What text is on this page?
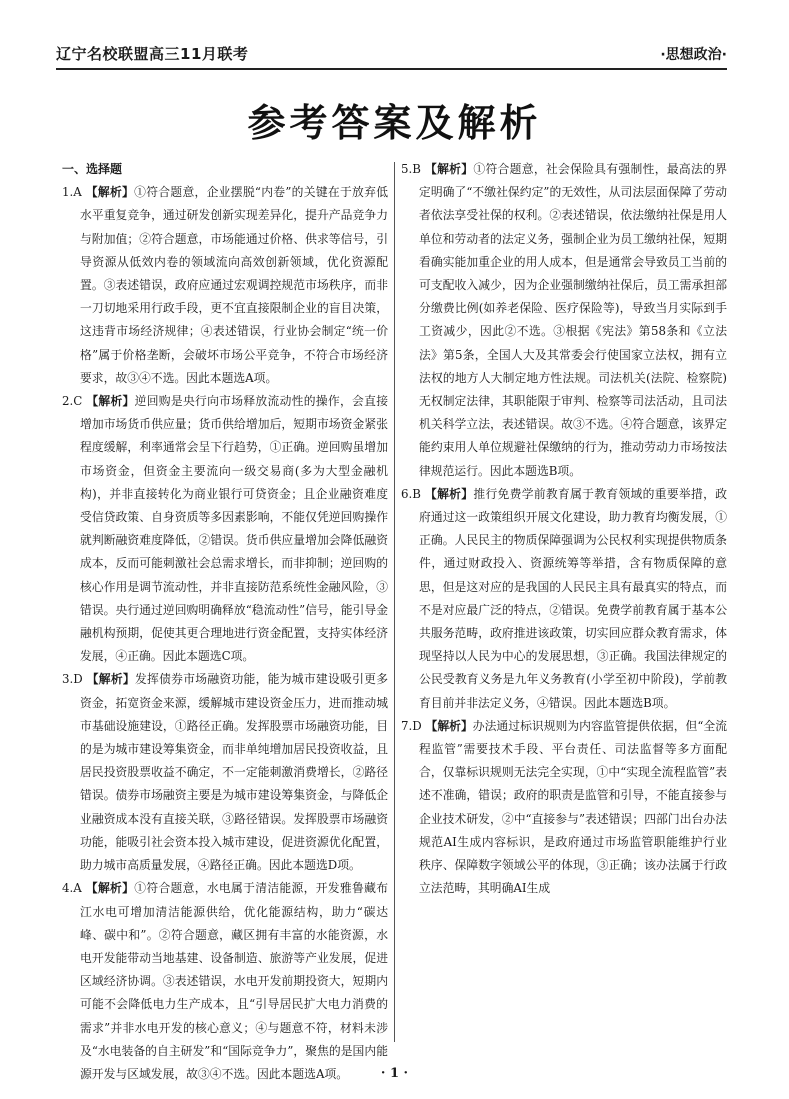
辽宁名校联盟高三11月联考	·思想政治·
参考答案及解析
一、选择题

1.A 【解析】①符合题意，企业摆脱“内卷”的关键在于放弃低水平重复竞争，通过研发创新实现差异化，提升产品竞争力与附加值；②符合题意，市场能通过价格、供求等信号，引导资源从低效内卷的领域流向高效创新领域，优化资源配置。③表述错误，政府应通过宏观调控规范市场秩序，而非一刀切地采用行政手段，更不宜直接限制企业的盲目决策，这违背市场经济规律；④表述错误，行业协会制定“统一价格”属于价格垄断，会破坏市场公平竞争，不符合市场经济要求，故③④不选。因此本题选A项。

2.C 【解析】逆回购是央行向市场释放流动性的操作，会直接增加市场货币供应量；货币供给增加后，短期市场资金紧张程度缓解，利率通常会呈下行趋势，①正确。逆回购虽增加市场资金，但资金主要流向一级交易商(多为大型金融机构)，并非直接转化为商业银行可贷资金；且企业融资难度受信贷政策、自身资质等多因素影响，不能仅凭逆回购操作就判断融资难度降低，②错误。货币供应量增加会降低融资成本，反而可能刺激社会总需求增长，而非抑制；逆回购的核心作用是调节流动性，并非直接防范系统性金融风险，③错误。央行通过逆回购明确释放“稳流动性”信号，能引导金融机构预期，促使其更合理地进行资金配置，支持实体经济发展，④正确。因此本题选C项。

3.D 【解析】发挥债券市场融资功能，能为城市建设吸引更多资金，拓宽资金来源，缓解城市建设资金压力，进而推动城市基础设施建设，①路径正确。发挥股票市场融资功能，目的是为城市建设筹集资金，而非单纯增加居民投资收益，且居民投资股票收益不确定，不一定能刺激消费增长，②路径错误。债券市场融资主要是为城市建设筹集资金，与降低企业融资成本没有直接关联，③路径错误。发挥股票市场融资功能，能吸引社会资本投入城市建设，促进资源优化配置，助力城市高质量发展，④路径正确。因此本题选D项。

4.A 【解析】①符合题意，水电属于清洁能源，开发雅鲁藏布江水电可增加清洁能源供给，优化能源结构，助力“碳达峰、碳中和”。②符合题意，藏区拥有丰富的水能资源，水电开发能带动当地基建、设备制造、旅游等产业发展，促进区域经济协调。③表述错误，水电开发前期投资大，短期内可能不会降低电力生产成本，且“引导居民扩大电力消费的需求”并非水电开发的核心意义；④与题意不符，材料未涉及“水电装备的自主研发”和“国际竞争力”，聚焦的是国内能源开发与区域发展，故③④不选。因此本题选A项。

5.B 【解析】①符合题意，社会保险具有强制性，最高法的界定明确了“不缴社保约定”的无效性，从司法层面保障了劳动者依法享受社保的权利。②表述错误，依法缴纳社保是用人单位和劳动者的法定义务，强制企业为员工缴纳社保，短期看确实能加重企业的用人成本，但是通常会导致员工当前的可支配收入减少，因为企业强制缴纳社保后，员工需承担部分缴费比例(如养老保险、医疗保险等)，导致当月实际到手工资减少，因此②不选。③根据《宪法》第58条和《立法法》第5条，全国人大及其常委会行使国家立法权，拥有立法权的地方人大制定地方性法规。司法机关(法院、检察院)无权制定法律，其职能限于审判、检察等司法活动，且司法机关科学立法，表述错误。故③不选。④符合题意，该界定能约束用人单位规避社保缴纳的行为，推动劳动力市场按法律规范运行。因此本题选B项。

6.B 【解析】推行免费学前教育属于教育领域的重要举措，政府通过这一政策组织开展文化建设，助力教育均衡发展，①正确。人民民主的物质保障强调为公民权利实现提供物质条件，通过财政投入、资源统筹等举措，含有物质保障的意思，但是这对应的是我国的人民民主具有最真实的特点，而不是对应最广泛的特点，②错误。免费学前教育属于基本公共服务范畴，政府推进该政策，切实回应群众教育需求，体现坚持以人民为中心的发展思想，③正确。我国法律规定的公民受教育义务是九年义务教育(小学至初中阶段)，学前教育目前并非法定义务，④错误。因此本题选B项。

7.D 【解析】办法通过标识规则为内容监管提供依据，但“全流程监管”需要技术手段、平台责任、司法监督等多方面配合，仅靠标识规则无法完全实现，①中“实现全流程监管”表述不准确，错误；政府的职责是监管和引导，不能直接参与企业技术研发，②中“直接参与”表述错误；四部门出台办法规范AI生成内容标识，是政府通过市场监管职能维护行业秩序、保障数字领域公平的体现，③正确；该办法属于行政立法范畴，其明确AI生成

· 1 ·
